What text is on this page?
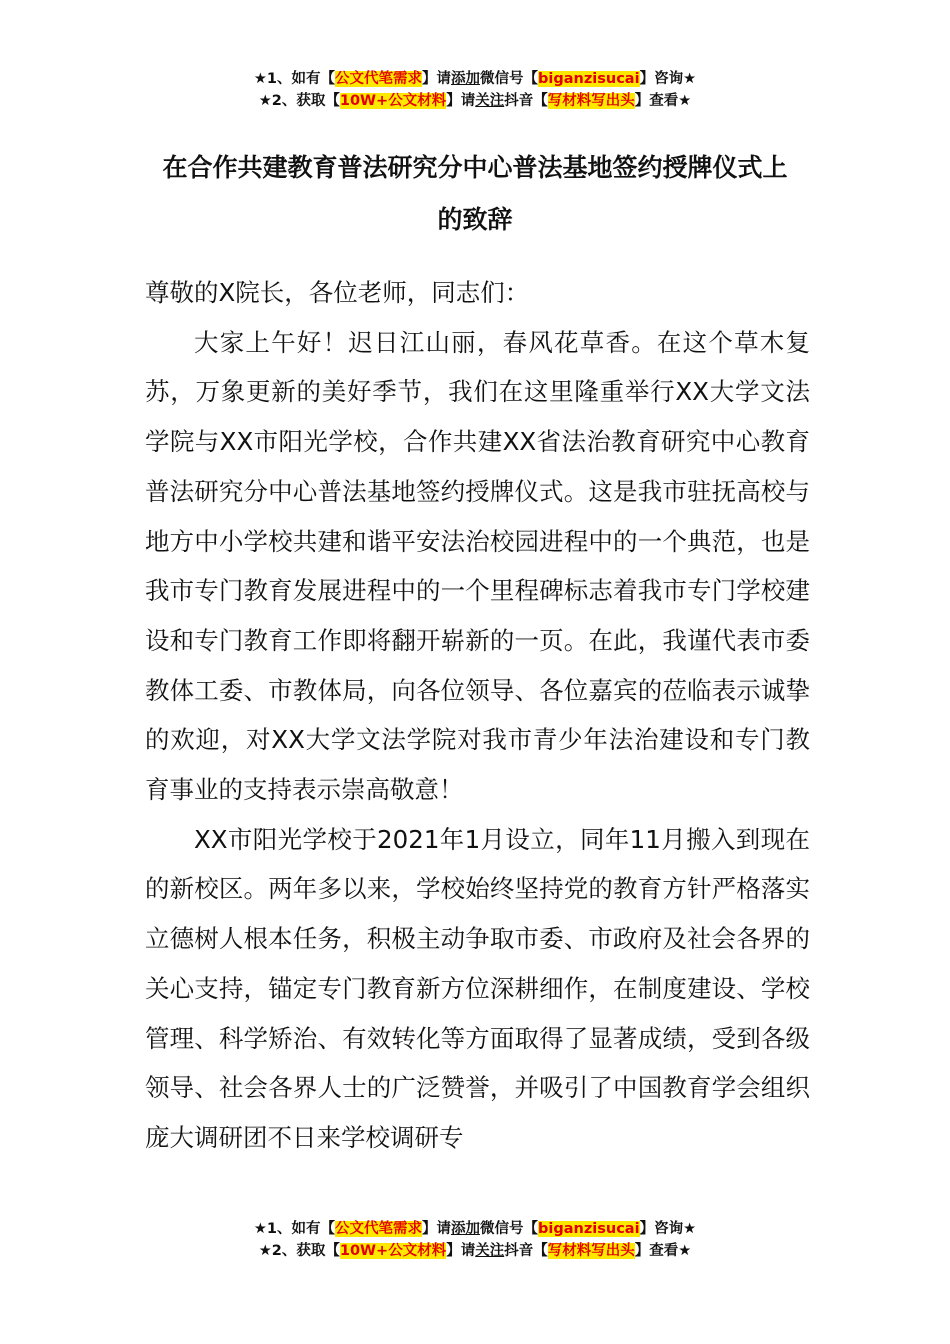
★1、如有【公文代笔需求】请添加微信号【biganzisucai】咨询★
★2、获取【10W+公文材料】请关注抖音【写材料写出头】查看★
在合作共建教育普法研究分中心普法基地签约授牌仪式上
的致辞

尊敬的X院长，各位老师，同志们：

大家上午好！迟日江山丽，春风花草香。在这个草木复苏，万象更新的美好季节，我们在这里隆重举行XX大学文法学院与XX市阳光学校，合作共建XX省法治教育研究中心教育普法研究分中心普法基地签约授牌仪式。这是我市驻抚高校与地方中小学校共建和谐平安法治校园进程中的一个典范，也是我市专门教育发展进程中的一个里程碑标志着我市专门学校建设和专门教育工作即将翻开崭新的一页。在此，我谨代表市委教体工委、市教体局，向各位领导、各位嘉宾的莅临表示诚挚的欢迎，对XX大学文法学院对我市青少年法治建设和专门教育事业的支持表示崇高敬意！

XX市阳光学校于2021年1月设立，同年11月搬入到现在的新校区。两年多以来，学校始终坚持党的教育方针严格落实立德树人根本任务，积极主动争取市委、市政府及社会各界的关心支持，锚定专门教育新方位深耕细作，在制度建设、学校管理、科学矫治、有效转化等方面取得了显著成绩，受到各级领导、社会各界人士的广泛赞誉，并吸引了中国教育学会组织庞大调研团不日来学校调研专

★1、如有【公文代笔需求】请添加微信号【biganzisucai】咨询★
★2、获取【10W+公文材料】请关注抖音【写材料写出头】查看★
